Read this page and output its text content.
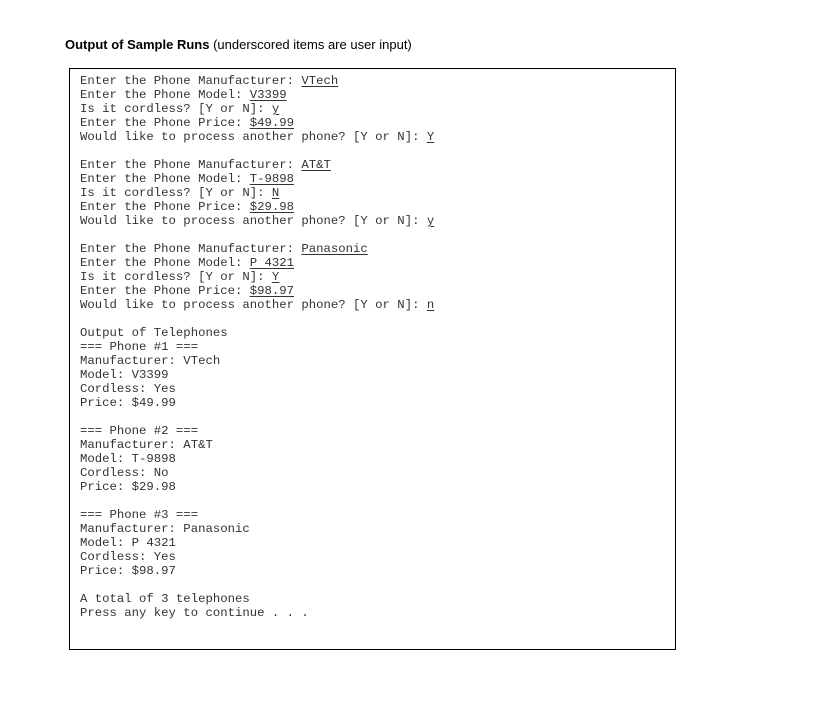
Output of Sample Runs (underscored items are user input)
Enter the Phone Manufacturer: VTech
Enter the Phone Model: V3399
Is it cordless? [Y or N]: y
Enter the Phone Price: $49.99
Would like to process another phone? [Y or N]: Y
Enter the Phone Manufacturer: AT&T
Enter the Phone Model: T-9898
Is it cordless? [Y or N]: N
Enter the Phone Price: $29.98
Would like to process another phone? [Y or N]: y
Enter the Phone Manufacturer: Panasonic
Enter the Phone Model: P 4321
Is it cordless? [Y or N]: Y
Enter the Phone Price: $98.97
Would like to process another phone? [Y or N]: n
Output of Telephones
=== Phone #1 ===
Manufacturer: VTech
Model: V3399
Cordless: Yes
Price: $49.99
=== Phone #2 ===
Manufacturer: AT&T
Model: T-9898
Cordless: No
Price: $29.98
=== Phone #3 ===
Manufacturer: Panasonic
Model: P 4321
Cordless: Yes
Price: $98.97
A total of 3 telephones
Press any key to continue . . .
